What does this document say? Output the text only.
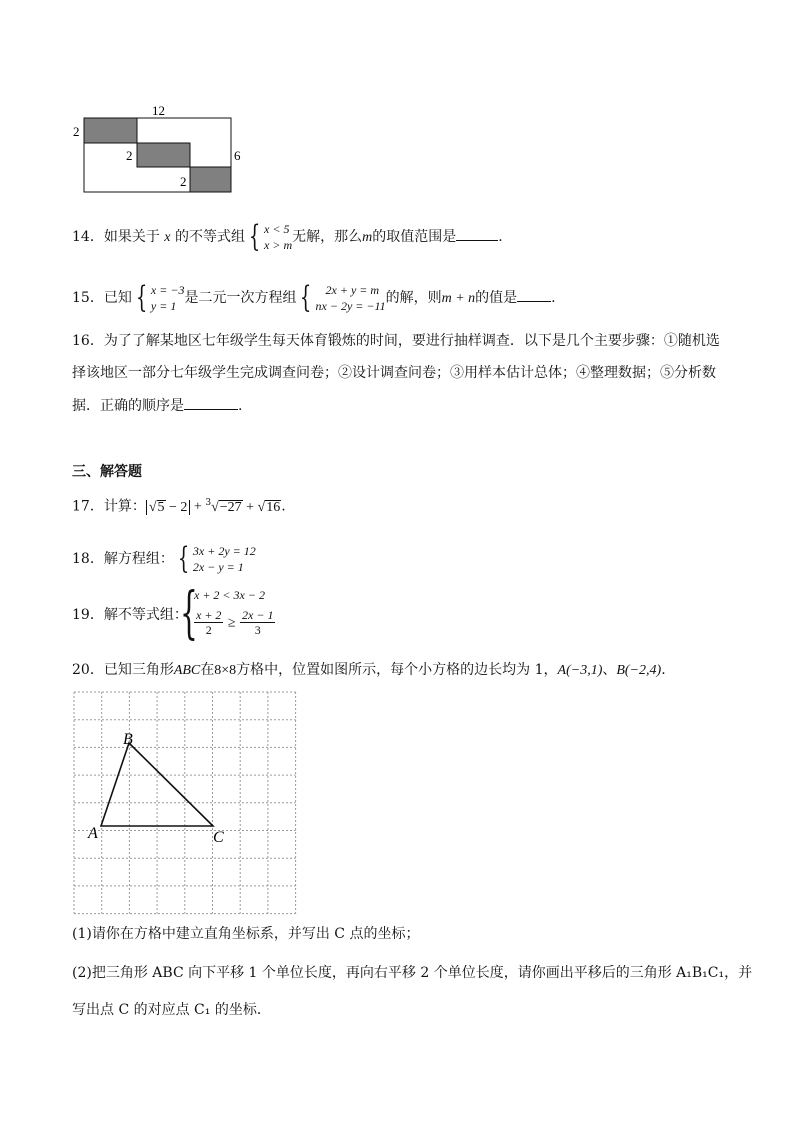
12
2
2
2
6
14．如果关于 x 的不等式组 { x < 5
x > m 无解，那么m的取值范围是	.
15．已知 { x = −3
y = 1 是二元一次方程组 {	2x + y = m
nx − 2y = −11 的解，则m + n的值是 .
16．为了了解某地区七年级学生每天体育锻炼的时间，要进行抽样调查．以下是几个主要步骤：①随机选
择该地区一部分七年级学生完成调查问卷；②设计调查问卷；③用样本估计总体；④整理数据；⑤分析数
据．正确的顺序是	.
三、解答题
17．计算： √5 − 2 + $^3$√−27 + √16.
18．解方程组： { 3x + 2y = 12
2x − y = 1
19．解不等式组：
{
x + 2 < 3x − 2
$\frac{x + 2}{2} \ge \frac{2x - 1}{3}$
20．已知三角形ABC在8×8方格中，位置如图所示，每个小方格的边长均为 1，A(−3,1)、B(−2,4).
B
A	C
(1)请你在方格中建立直角坐标系，并写出 C 点的坐标；
(2)把三角形 ABC 向下平移 1 个单位长度，再向右平移 2 个单位长度，请你画出平移后的三角形 A₁B₁C₁，并
写出点 C 的对应点 C₁ 的坐标．
